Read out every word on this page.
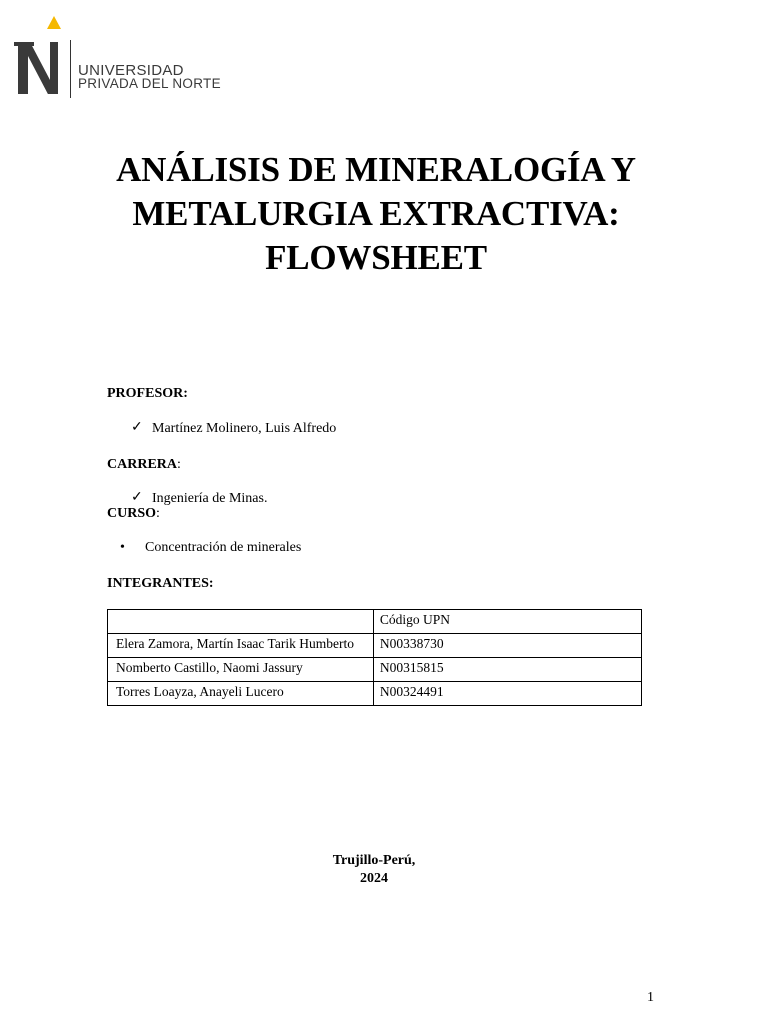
UNIVERSIDAD
PRIVADA DEL NORTE
ANÁLISIS DE MINERALOGÍA Y
METALURGIA EXTRACTIVA:
FLOWSHEET
PROFESOR:
✓ Martínez Molinero, Luis Alfredo
CARRERA:
✓ Ingeniería de Minas.
CURSO:
• Concentración de minerales
INTEGRANTES:
	Código UPN
Elera Zamora, Martín Isaac Tarik Humberto	N00338730
Nomberto Castillo, Naomi Jassury	N00315815
Torres Loayza, Anayeli Lucero	N00324491
Trujillo-Perú,
2024
1
